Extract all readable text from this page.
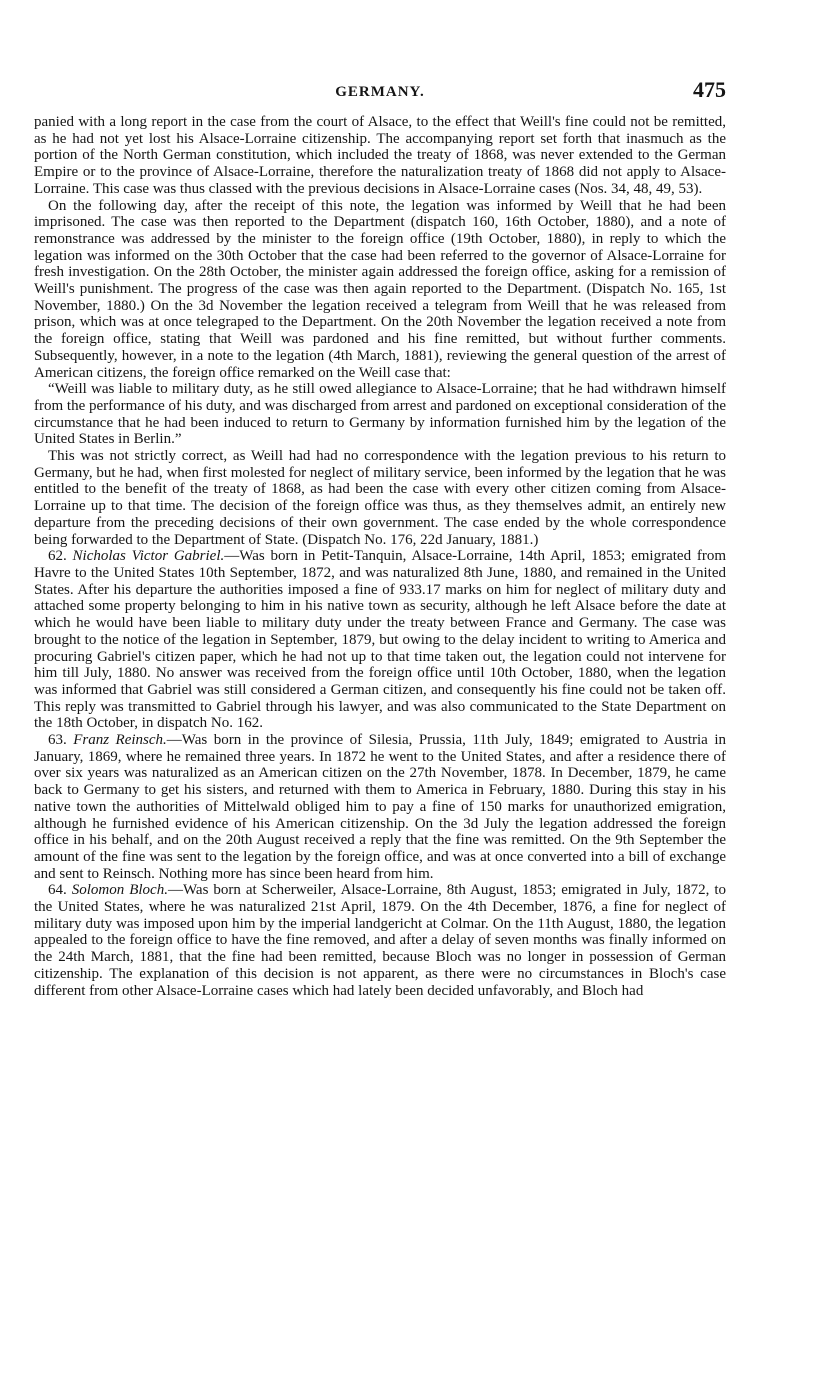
GERMANY.	475

panied with a long report in the case from the court of Alsace, to the effect that Weill's fine could not be remitted, as he had not yet lost his Alsace-Lorraine citizenship. The accompanying report set forth that inasmuch as the portion of the North German constitution, which included the treaty of 1868, was never extended to the German Empire or to the province of Alsace-Lorraine, therefore the naturalization treaty of 1868 did not apply to Alsace-Lorraine. This case was thus classed with the previous decisions in Alsace-Lorraine cases (Nos. 34, 48, 49, 53).

On the following day, after the receipt of this note, the legation was informed by Weill that he had been imprisoned. The case was then reported to the Department (dispatch 160, 16th October, 1880), and a note of remonstrance was addressed by the minister to the foreign office (19th October, 1880), in reply to which the legation was informed on the 30th October that the case had been referred to the governor of Alsace-Lorraine for fresh investigation. On the 28th October, the minister again addressed the foreign office, asking for a remission of Weill's punishment. The progress of the case was then again reported to the Department. (Dispatch No. 165, 1st November, 1880.) On the 3d November the legation received a telegram from Weill that he was released from prison, which was at once telegraped to the Department. On the 20th November the legation received a note from the foreign office, stating that Weill was pardoned and his fine remitted, but without further comments. Subsequently, however, in a note to the legation (4th March, 1881), reviewing the general question of the arrest of American citizens, the foreign office remarked on the Weill case that:

“Weill was liable to military duty, as he still owed allegiance to Alsace-Lorraine; that he had withdrawn himself from the performance of his duty, and was discharged from arrest and pardoned on exceptional consideration of the circumstance that he had been induced to return to Germany by information furnished him by the legation of the United States in Berlin.”

This was not strictly correct, as Weill had had no correspondence with the legation previous to his return to Germany, but he had, when first molested for neglect of military service, been informed by the legation that he was entitled to the benefit of the treaty of 1868, as had been the case with every other citizen coming from Alsace-Lorraine up to that time. The decision of the foreign office was thus, as they themselves admit, an entirely new departure from the preceding decisions of their own government. The case ended by the whole correspondence being forwarded to the Department of State. (Dispatch No. 176, 22d January, 1881.)

62. Nicholas Victor Gabriel.—Was born in Petit-Tanquin, Alsace-Lorraine, 14th April, 1853; emigrated from Havre to the United States 10th September, 1872, and was naturalized 8th June, 1880, and remained in the United States. After his departure the authorities imposed a fine of 933.17 marks on him for neglect of military duty and attached some property belonging to him in his native town as security, although he left Alsace before the date at which he would have been liable to military duty under the treaty between France and Germany. The case was brought to the notice of the legation in September, 1879, but owing to the delay incident to writing to America and procuring Gabriel's citizen paper, which he had not up to that time taken out, the legation could not intervene for him till July, 1880. No answer was received from the foreign office until 10th October, 1880, when the legation was informed that Gabriel was still considered a German citizen, and consequently his fine could not be taken off. This reply was transmitted to Gabriel through his lawyer, and was also communicated to the State Department on the 18th October, in dispatch No. 162.

63. Franz Reinsch.—Was born in the province of Silesia, Prussia, 11th July, 1849; emigrated to Austria in January, 1869, where he remained three years. In 1872 he went to the United States, and after a residence there of over six years was naturalized as an American citizen on the 27th November, 1878. In December, 1879, he came back to Germany to get his sisters, and returned with them to America in February, 1880. During this stay in his native town the authorities of Mittelwald obliged him to pay a fine of 150 marks for unauthorized emigration, although he furnished evidence of his American citizenship. On the 3d July the legation addressed the foreign office in his behalf, and on the 20th August received a reply that the fine was remitted. On the 9th September the amount of the fine was sent to the legation by the foreign office, and was at once converted into a bill of exchange and sent to Reinsch. Nothing more has since been heard from him.

64. Solomon Bloch.—Was born at Scherweiler, Alsace-Lorraine, 8th August, 1853; emigrated in July, 1872, to the United States, where he was naturalized 21st April, 1879. On the 4th December, 1876, a fine for neglect of military duty was imposed upon him by the imperial landgericht at Colmar. On the 11th August, 1880, the legation appealed to the foreign office to have the fine removed, and after a delay of seven months was finally informed on the 24th March, 1881, that the fine had been remitted, because Bloch was no longer in possession of German citizenship. The explanation of this decision is not apparent, as there were no circumstances in Bloch's case different from other Alsace-Lorraine cases which had lately been decided unfavorably, and Bloch had
